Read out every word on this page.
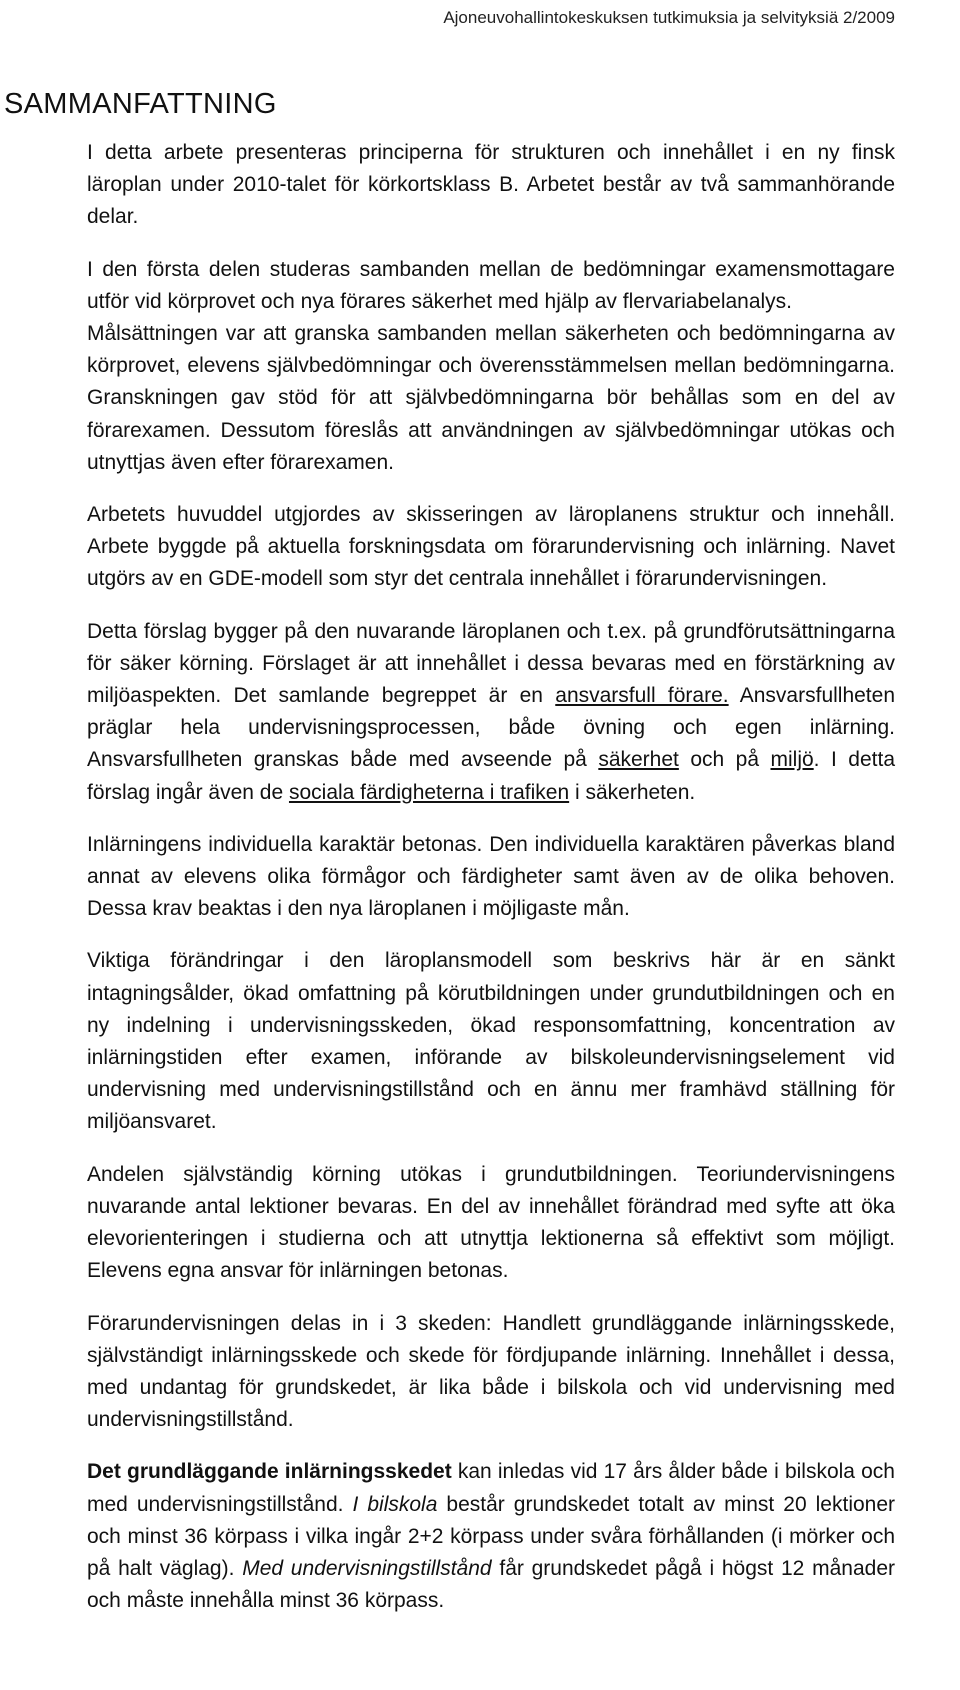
Ajoneuvohallintokeskuksen tutkimuksia ja selvityksiä 2/2009
SAMMANFATTNING

I detta arbete presenteras principerna för strukturen och innehållet i en ny finsk läroplan under 2010-talet för körkortsklass B. Arbetet består av två sammanhörande delar.

I den första delen studeras sambanden mellan de bedömningar examensmottagare utför vid körprovet och nya förares säkerhet med hjälp av flervariabelanalys.

Målsättningen var att granska sambanden mellan säkerheten och bedömningarna av körprovet, elevens självbedömningar och överensstämmelsen mellan bedömningarna. Granskningen gav stöd för att självbedömningarna bör behållas som en del av förarexamen. Dessutom föreslås att användningen av självbedömningar utökas och utnyttjas även efter förarexamen.

Arbetets huvuddel utgjordes av skisseringen av läroplanens struktur och innehåll. Arbete byggde på aktuella forskningsdata om förarundervisning och inlärning. Navet utgörs av en GDE-modell som styr det centrala innehållet i förarundervisningen.

Detta förslag bygger på den nuvarande läroplanen och t.ex. på grundförutsättningarna för säker körning. Förslaget är att innehållet i dessa bevaras med en förstärkning av miljöaspekten. Det samlande begreppet är en ansvarsfull förare. Ansvarsfullheten präglar hela undervisningsprocessen, både övning och egen inlärning. Ansvarsfullheten granskas både med avseende på säkerhet och på miljö. I detta förslag ingår även de sociala färdigheterna i trafiken i säkerheten.

Inlärningens individuella karaktär betonas. Den individuella karaktären påverkas bland annat av elevens olika förmågor och färdigheter samt även av de olika behoven. Dessa krav beaktas i den nya läroplanen i möjligaste mån.

Viktiga förändringar i den läroplansmodell som beskrivs här är en sänkt intagningsålder, ökad omfattning på körutbildningen under grundutbildningen och en ny indelning i undervisningsskeden, ökad responsomfattning, koncentration av inlärningstiden efter examen, införande av bilskoleundervisningselement vid undervisning med undervisningstillstånd och en ännu mer framhävd ställning för miljöansvaret.

Andelen självständig körning utökas i grundutbildningen. Teoriundervisningens nuvarande antal lektioner bevaras. En del av innehållet förändrad med syfte att öka elevorienteringen i studierna och att utnyttja lektionerna så effektivt som möjligt. Elevens egna ansvar för inlärningen betonas.

Förarundervisningen delas in i 3 skeden: Handlett grundläggande inlärningsskede, självständigt inlärningsskede och skede för fördjupande inlärning. Innehållet i dessa, med undantag för grundskedet, är lika både i bilskola och vid undervisning med undervisningstillstånd.

Det grundläggande inlärningsskedet kan inledas vid 17 års ålder både i bilskola och med undervisningstillstånd. I bilskola består grundskedet totalt av minst 20 lektioner och minst 36 körpass i vilka ingår 2+2 körpass under svåra förhållanden (i mörker och på halt väglag). Med undervisningstillstånd får grundskedet pågå i högst 12 månader och måste innehålla minst 36 körpass.
